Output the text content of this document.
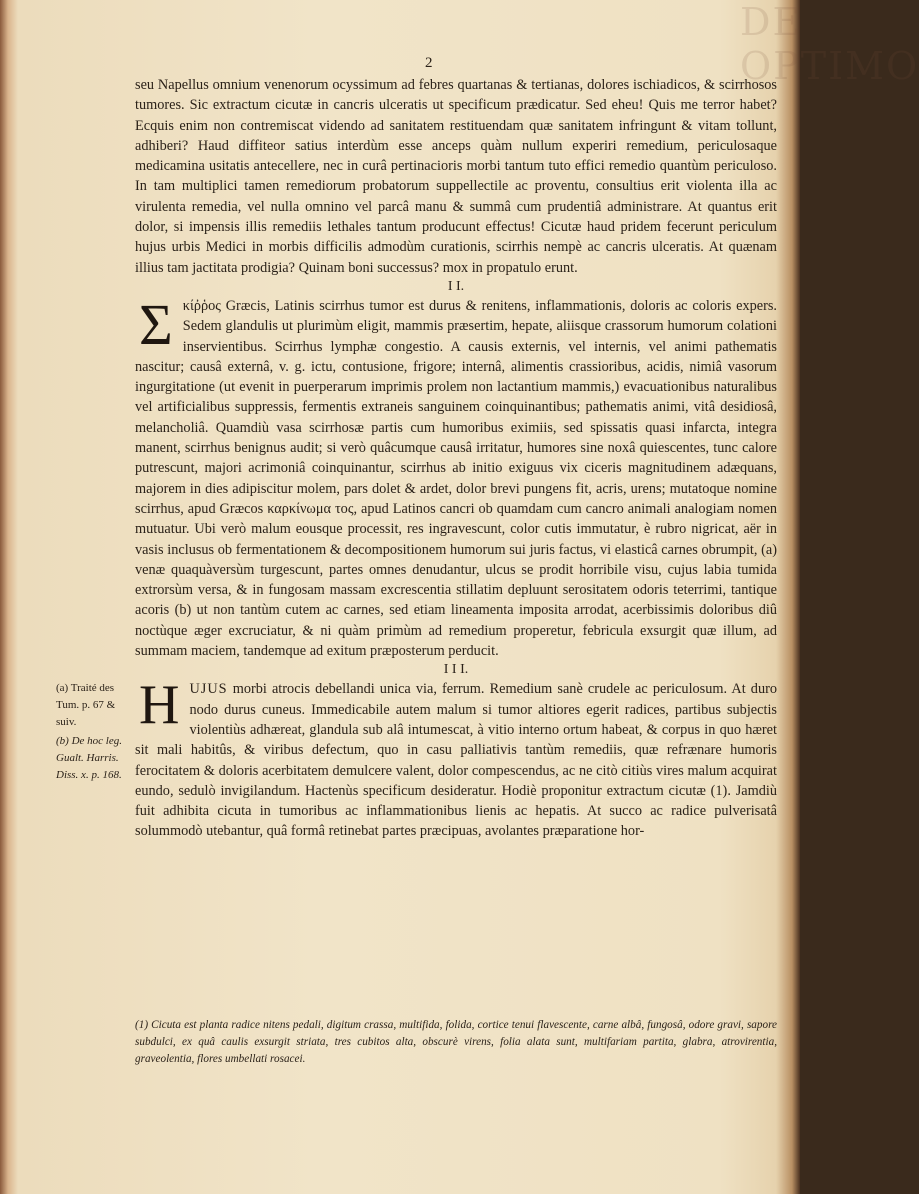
DE OPTIMO
2

seu Napellus omnium venenorum ocyssimum ad febres quartanas & tertianas, dolores ischiadicos, & scirrhosos tumores. Sic extractum cicutæ in cancris ulceratis ut specificum prædicatur. Sed eheu! Quis me terror habet? Ecquis enim non contremiscat videndo ad sanitatem restituendam quæ sanitatem infringunt & vitam tollunt, adhiberi? Haud diffiteor satius interdùm esse anceps quàm nullum experiri remedium, periculosaque medicamina usitatis antecellere, nec in curâ pertinacioris morbi tantum tuto effici remedio quantùm periculoso. In tam multiplici tamen remediorum probatorum suppellectile ac proventu, consultius erit violenta illa ac virulenta remedia, vel nulla omnino vel parcâ manu & summâ cum prudentiâ administrare. At quantus erit dolor, si impensis illis remediis lethales tantum producunt effectus! Cicutæ haud pridem fecerunt periculum hujus urbis Medici in morbis difficilis admodùm curationis, scirrhis nempè ac cancris ulceratis. At quænam illius tam jactitata prodigia? Quinam boni successus? mox in propatulo erunt.

I I.

Σκίῤῥος Græcis, Latinis scirrhus tumor est durus & renitens, inflammationis, doloris ac coloris expers. Sedem glandulis ut plurimùm eligit, mammis præsertim, hepate, aliisque crassorum humorum colationi inservientibus. Scirrhus lymphæ congestio. A causis externis, vel internis, vel animi pathematis nascitur; causâ externâ, v. g. ictu, contusione, frigore; internâ, alimentis crassioribus, acidis, nimiâ vasorum ingurgitatione (ut evenit in puerperarum imprimis prolem non lactantium mammis,) evacuationibus naturalibus vel artificialibus suppressis, fermentis extraneis sanguinem coinquinantibus; pathematis animi, vitâ desidiosâ, melancholiâ. Quamdiù vasa scirrhosæ partis cum humoribus eximiis, sed spissatis quasi infarcta, integra manent, scirrhus benignus audit; si verò quâcumque causâ irritatur, humores sine noxâ quiescentes, tunc calore putrescunt, majori acrimoniâ coinquinantur, scirrhus ab initio exiguus vix ciceris magnitudinem adæquans, majorem in dies adipiscitur molem, pars dolet & ardet, dolor brevi pungens fit, acris, urens; mutatoque nomine scirrhus, apud Græcos καρκίνωμα τος, apud Latinos cancri ob quamdam cum cancro animali analogiam nomen mutuatur. Ubi verò malum eousque processit, res ingravescunt, color cutis immutatur, è rubro nigricat, aër in vasis inclusus ob fermentationem & decompositionem humorum sui juris factus, vi elasticâ carnes obrumpit, (a) venæ quaquàversùm turgescunt, partes omnes denudantur, ulcus se prodit horribile visu, cujus labia tumida extrorsùm versa, & in fungosam massam excrescentia stillatim depluunt serositatem odoris teterrimi, tantique acoris (b) ut non tantùm cutem ac carnes, sed etiam lineamenta imposita arrodat, acerbissimis doloribus diû noctùque æger excruciatur, & ni quàm primùm ad remedium properetur, febricula exsurgit quæ illum, ad summam maciem, tandemque ad exitum præposterum perducit.

I I I.

HUJUS morbi atrocis debellandi unica via, ferrum. Remedium sanè crudele ac periculosum. At duro nodo durus cuneus. Immedicabile autem malum si tumor altiores egerit radices, partibus subjectis violentiùs adhæreat, glandula sub alâ intumescat, à vitio interno ortum habeat, & corpus in quo hæret sit mali habitûs, & viribus defectum, quo in casu palliativis tantùm remediis, quæ refrænare humoris ferocitatem & doloris acerbitatem demulcere valent, dolor compescendus, ac ne citò citiùs vires malum acquirat eundo, sedulò invigilandum. Hactenùs specificum desideratur. Hodiè proponitur extractum cicutæ (1). Jamdiù fuit adhibita cicuta in tumoribus ac inflammationibus lienis ac hepatis. At succo ac radice pulverisatâ solummodò utebantur, quâ formâ retinebat partes præcipuas, avolantes præparatione hor-

(a) Traité des Tum. p. 67 & suiv.

(b) De hoc leg. Gualt. Harris. Diss. x. p. 168.

(1) Cicuta est planta radice nitens pedali, digitum crassa, multifida, folida, cortice tenui flavescente, carne albâ, fungosâ, odore gravi, sapore subdulci, ex quâ caulis exsurgit striata, tres cubitos alta, obscurè virens, folia alata sunt, multifariam partita, glabra, atrovirentia, graveolentia, flores umbellati rosacei.
